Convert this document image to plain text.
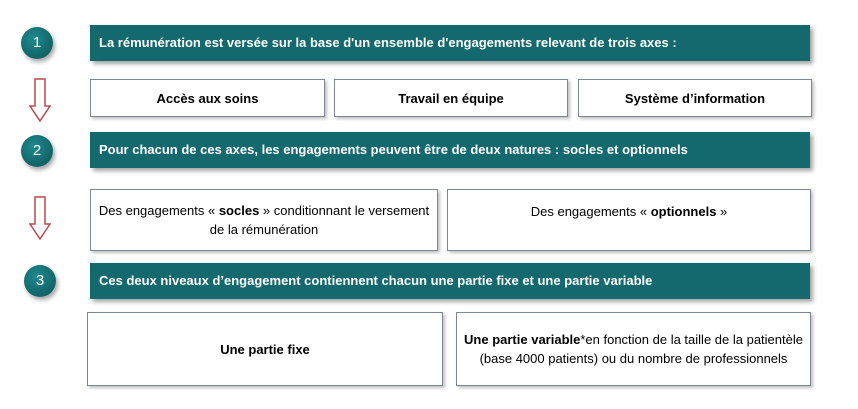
1	La rémunération est versée sur la base d'un ensemble d'engagements relevant de trois axes :
Accès aux soins	Travail en équipe	Système d’information
2	Pour chacun de ces axes, les engagements peuvent être de deux natures : socles et optionnels
Des engagements « socles » conditionnant le versement de la rémunération
Des engagements « optionnels »
3	Ces deux niveaux d’engagement contiennent chacun une partie fixe et une partie variable
Une partie fixe
Une partie variable*en fonction de la taille de la patientèle (base 4000 patients) ou du nombre de professionnels
